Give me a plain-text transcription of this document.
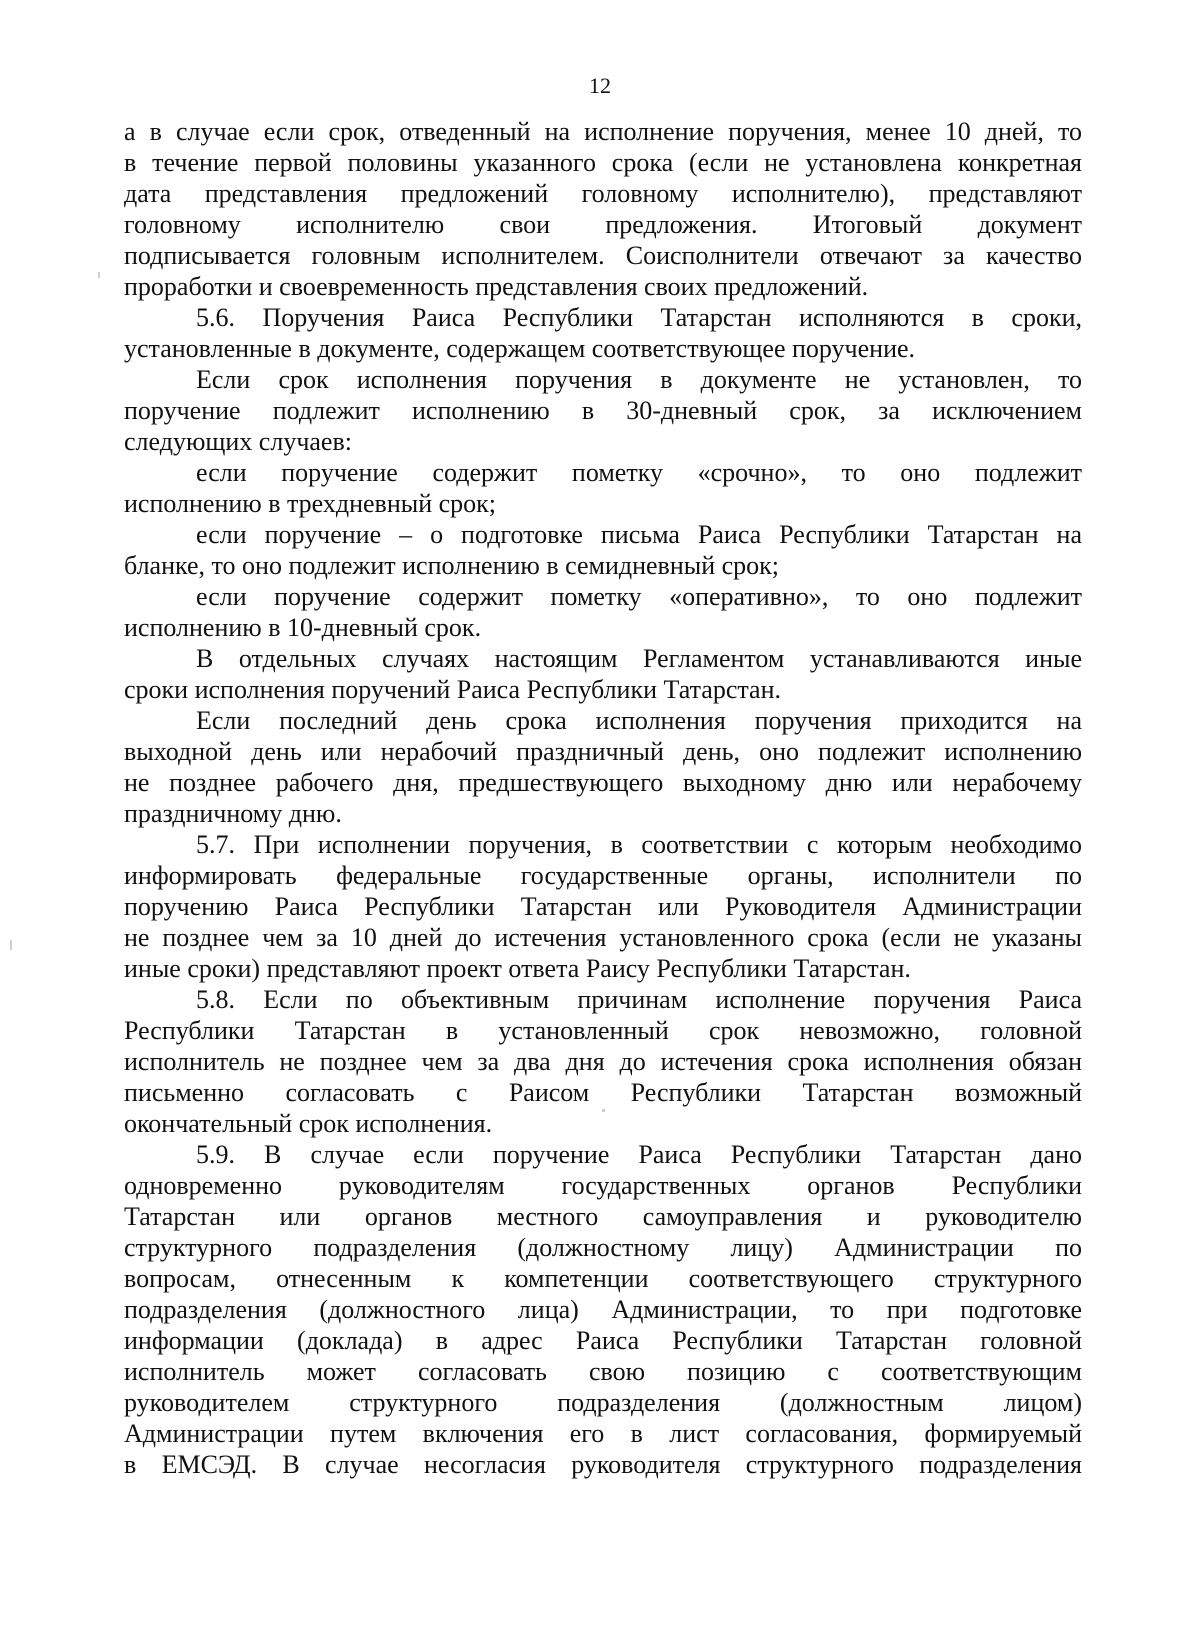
12
а в случае если срок, отведенный на исполнение поручения, менее 10 дней, то
в течение первой половины указанного срока (если не установлена конкретная
дата представления предложений головному исполнителю), представляют
головному исполнителю свои предложения. Итоговый документ
подписывается головным исполнителем. Соисполнители отвечают за качество
проработки и своевременность представления своих предложений.
5.6. Поручения Раиса Республики Татарстан исполняются в сроки,
установленные в документе, содержащем соответствующее поручение.
Если срок исполнения поручения в документе не установлен, то
поручение подлежит исполнению в 30-дневный срок, за исключением
следующих случаев:
если поручение содержит пометку «срочно», то оно подлежит
исполнению в трехдневный срок;
если поручение – о подготовке письма Раиса Республики Татарстан на
бланке, то оно подлежит исполнению в семидневный срок;
если поручение содержит пометку «оперативно», то оно подлежит
исполнению в 10-дневный срок.
В отдельных случаях настоящим Регламентом устанавливаются иные
сроки исполнения поручений Раиса Республики Татарстан.
Если последний день срока исполнения поручения приходится на
выходной день или нерабочий праздничный день, оно подлежит исполнению
не позднее рабочего дня, предшествующего выходному дню или нерабочему
праздничному дню.
5.7. При исполнении поручения, в соответствии с которым необходимо
информировать федеральные государственные органы, исполнители по
поручению Раиса Республики Татарстан или Руководителя Администрации
не позднее чем за 10 дней до истечения установленного срока (если не указаны
иные сроки) представляют проект ответа Раису Республики Татарстан.
5.8. Если по объективным причинам исполнение поручения Раиса
Республики Татарстан в установленный срок невозможно, головной
исполнитель не позднее чем за два дня до истечения срока исполнения обязан
письменно согласовать с Раисом Республики Татарстан возможный
окончательный срок исполнения.
5.9. В случае если поручение Раиса Республики Татарстан дано
одновременно руководителям государственных органов Республики
Татарстан или органов местного самоуправления и руководителю
структурного подразделения (должностному лицу) Администрации по
вопросам, отнесенным к компетенции соответствующего структурного
подразделения (должностного лица) Администрации, то при подготовке
информации (доклада) в адрес Раиса Республики Татарстан головной
исполнитель может согласовать свою позицию с соответствующим
руководителем структурного подразделения (должностным лицом)
Администрации путем включения его в лист согласования, формируемый
в ЕМСЭД. В случае несогласия руководителя структурного подразделения
